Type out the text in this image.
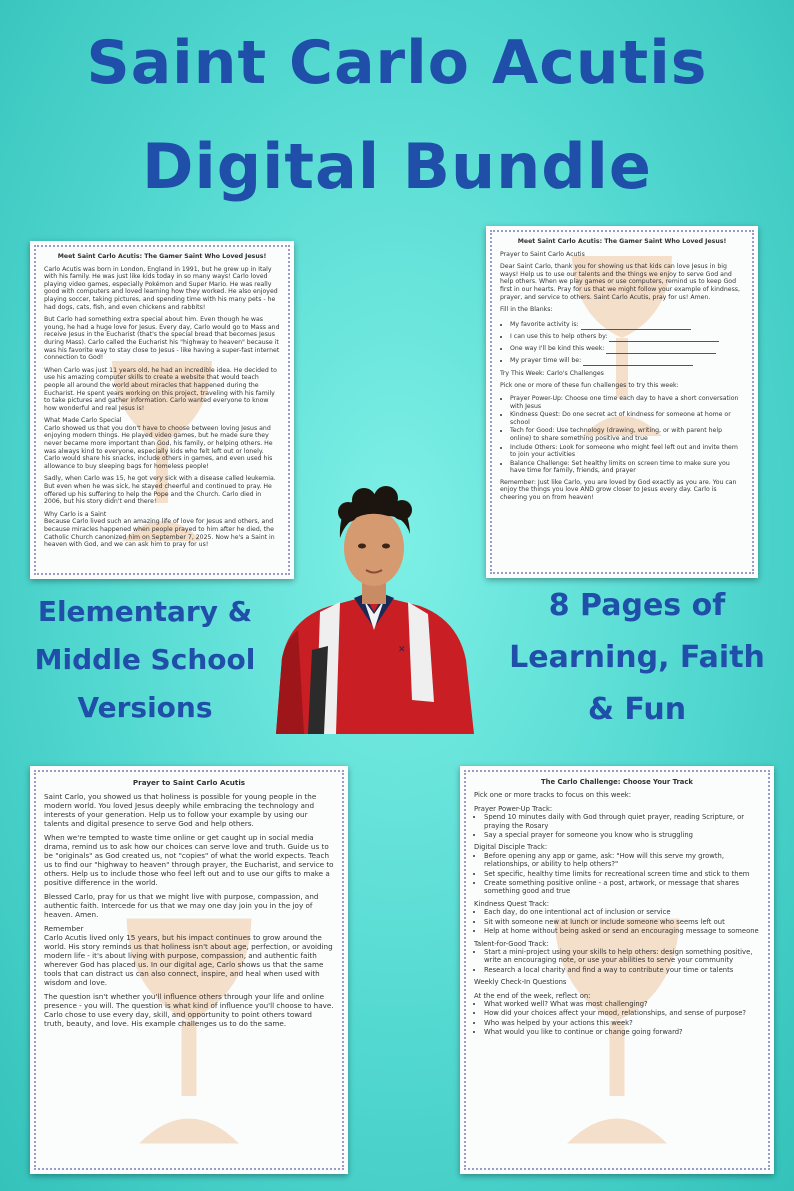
Saint Carlo Acutis
Digital Bundle
Meet Saint Carlo Acutis: The Gamer Saint Who Loved Jesus!

Carlo Acutis was born in London, England in 1991, but he grew up in Italy with his family. He was just like kids today in so many ways! Carlo loved playing video games, especially Pokémon and Super Mario. He was really good with computers and loved learning how they worked. He also enjoyed playing soccer, taking pictures, and spending time with his many pets - he had dogs, cats, fish, and even chickens and rabbits!

But Carlo had something extra special about him. Even though he was young, he had a huge love for Jesus. Every day, Carlo would go to Mass and receive Jesus in the Eucharist (that's the special bread that becomes Jesus during Mass). Carlo called the Eucharist his "highway to heaven" because it was his favorite way to stay close to Jesus - like having a super-fast internet connection to God!

When Carlo was just 11 years old, he had an incredible idea. He decided to use his amazing computer skills to create a website that would teach people all around the world about miracles that happened during the Eucharist. He spent years working on this project, traveling with his family to take pictures and gather information. Carlo wanted everyone to know how wonderful and real Jesus is!

What Made Carlo Special
Carlo showed us that you don't have to choose between loving Jesus and enjoying modern things. He played video games, but he made sure they never became more important than God, his family, or helping others. He was always kind to everyone, especially kids who felt left out or lonely. Carlo would share his snacks, include others in games, and even used his allowance to buy sleeping bags for homeless people!

Sadly, when Carlo was 15, he got very sick with a disease called leukemia. But even when he was sick, he stayed cheerful and continued to pray. He offered up his suffering to help the Pope and the Church. Carlo died in 2006, but his story didn't end there!

Why Carlo is a Saint
Because Carlo lived such an amazing life of love for Jesus and others, and because miracles happened when people prayed to him after he died, the Catholic Church canonized him on September 7, 2025. Now he's a Saint in heaven with God, and we can ask him to pray for us!

Meet Saint Carlo Acutis: The Gamer Saint Who Loved Jesus!

Prayer to Saint Carlo Acutis

Dear Saint Carlo, thank you for showing us that kids can love Jesus in big ways! Help us to use our talents and the things we enjoy to serve God and help others. When we play games or use computers, remind us to keep God first in our hearts. Pray for us that we might follow your example of kindness, prayer, and service to others. Saint Carlo Acutis, pray for us! Amen.

Fill in the Blanks:

• My favorite activity is:
• I can use this to help others by:
• One way I'll be kind this week:
• My prayer time will be:

Try This Week: Carlo's Challenges

Pick one or more of these fun challenges to try this week:

• Prayer Power-Up: Choose one time each day to have a short conversation with Jesus
• Kindness Quest: Do one secret act of kindness for someone at home or school
• Tech for Good: Use technology (drawing, writing, or with parent help online) to share something positive and true
• Include Others: Look for someone who might feel left out and invite them to join your activities
• Balance Challenge: Set healthy limits on screen time to make sure you have time for family, friends, and prayer

Remember: Just like Carlo, you are loved by God exactly as you are. You can enjoy the things you love AND grow closer to Jesus every day. Carlo is cheering you on from heaven!

Elementary &
Middle School
Versions
8 Pages of
Learning, Faith
& Fun
✕
Prayer to Saint Carlo Acutis

Saint Carlo, you showed us that holiness is possible for young people in the modern world. You loved Jesus deeply while embracing the technology and interests of your generation. Help us to follow your example by using our talents and digital presence to serve God and help others.

When we're tempted to waste time online or get caught up in social media drama, remind us to ask how our choices can serve love and truth. Guide us to be "originals" as God created us, not "copies" of what the world expects. Teach us to find our "highway to heaven" through prayer, the Eucharist, and service to others. Help us to include those who feel left out and to use our gifts to make a positive difference in the world.

Blessed Carlo, pray for us that we might live with purpose, compassion, and authentic faith. Intercede for us that we may one day join you in the joy of heaven. Amen.

Remember
Carlo Acutis lived only 15 years, but his impact continues to grow around the world. His story reminds us that holiness isn't about age, perfection, or avoiding modern life - it's about living with purpose, compassion, and authentic faith wherever God has placed us. In our digital age, Carlo shows us that the same tools that can distract us can also connect, inspire, and heal when used with wisdom and love.

The question isn't whether you'll influence others through your life and online presence - you will. The question is what kind of influence you'll choose to have. Carlo chose to use every day, skill, and opportunity to point others toward truth, beauty, and love. His example challenges us to do the same.

The Carlo Challenge: Choose Your Track

Pick one or more tracks to focus on this week:

Prayer Power-Up Track:
• Spend 10 minutes daily with God through quiet prayer, reading Scripture, or praying the Rosary
• Say a special prayer for someone you know who is struggling
Digital Disciple Track:
• Before opening any app or game, ask: "How will this serve my growth, relationships, or ability to help others?"
• Set specific, healthy time limits for recreational screen time and stick to them
• Create something positive online - a post, artwork, or message that shares something good and true
Kindness Quest Track:
• Each day, do one intentional act of inclusion or service
• Sit with someone new at lunch or include someone who seems left out
• Help at home without being asked or send an encouraging message to someone
Talent-for-Good Track:
• Start a mini-project using your skills to help others: design something positive, write an encouraging note, or use your abilities to serve your community
• Research a local charity and find a way to contribute your time or talents

Weekly Check-In Questions

At the end of the week, reflect on:
• What worked well? What was most challenging?
• How did your choices affect your mood, relationships, and sense of purpose?
• Who was helped by your actions this week?
• What would you like to continue or change going forward?
